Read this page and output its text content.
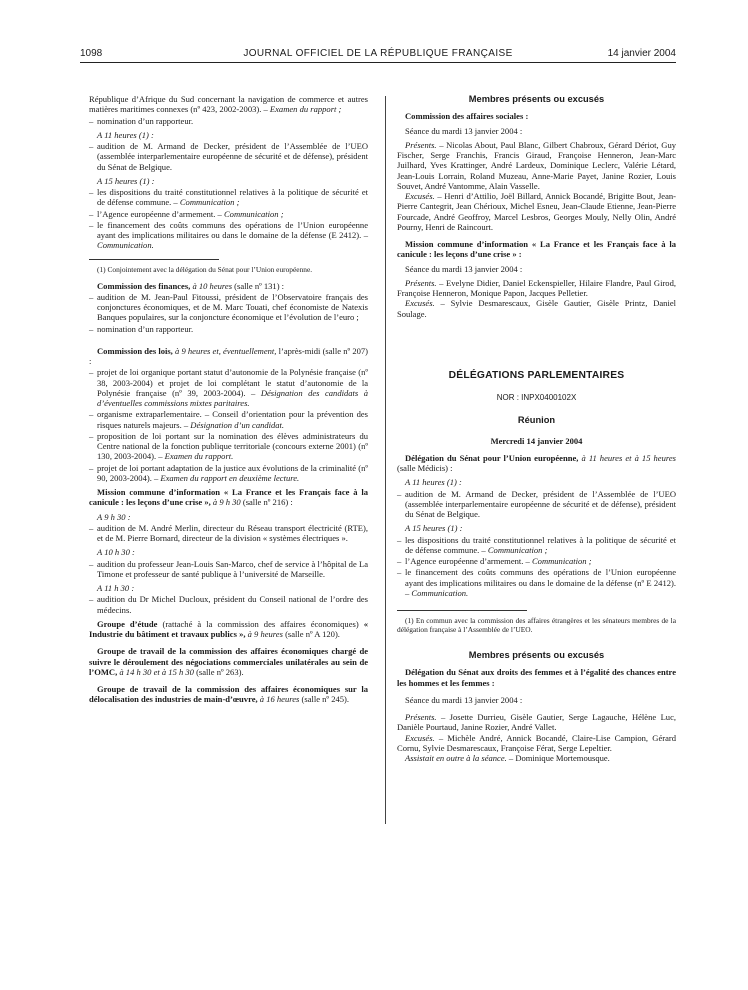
1098	JOURNAL OFFICIEL DE LA RÉPUBLIQUE FRANÇAISE	14 janvier 2004

République d’Afrique du Sud concernant la navigation de commerce et autres matières maritimes connexes (nº 423, 2002-2003). – Examen du rapport ;

– nomination d’un rapporteur.

A 11 heures (1) :

– audition de M. Armand de Decker, président de l’Assemblée de l’UEO (assemblée interparlementaire européenne de sécurité et de défense), président du Sénat de Belgique.

A 15 heures (1) :

– les dispositions du traité constitutionnel relatives à la politique de sécurité et de défense commune. – Communication ;

– l’Agence européenne d’armement. – Communication ;

– le financement des coûts communs des opérations de l’Union européenne ayant des implications militaires ou dans le domaine de la défense (E 2412). – Communication.

(1) Conjointement avec la délégation du Sénat pour l’Union européenne.

Commission des finances, à 10 heures (salle nº 131) :

– audition de M. Jean-Paul Fitoussi, président de l’Observatoire français des conjonctures économiques, et de M. Marc Touati, chef économiste de Natexis Banques populaires, sur la conjoncture économique et l’évolution de l’euro ;

– nomination d’un rapporteur.

Commission des lois, à 9 heures et, éventuellement, l’après-midi (salle nº 207) :

– projet de loi organique portant statut d’autonomie de la Polynésie française (nº 38, 2003-2004) et projet de loi complétant le statut d’autonomie de la Polynésie française (nº 39, 2003-2004). – Désignation des candidats à d’éventuelles commissions mixtes paritaires.

– organisme extraparlementaire. – Conseil d’orientation pour la prévention des risques naturels majeurs. – Désignation d’un candidat.

– proposition de loi portant sur la nomination des élèves administrateurs du Centre national de la fonction publique territoriale (concours externe 2001) (nº 130, 2003-2004). – Examen du rapport.

– projet de loi portant adaptation de la justice aux évolutions de la criminalité (nº 90, 2003-2004). – Examen du rapport en deuxième lecture.

Mission commune d’information « La France et les Français face à la canicule : les leçons d’une crise », à 9 h 30 (salle nº 216) :

A 9 h 30 :

– audition de M. André Merlin, directeur du Réseau transport électricité (RTE), et de M. Pierre Bornard, directeur de la division « systèmes électriques ».

A 10 h 30 :

– audition du professeur Jean-Louis San-Marco, chef de service à l’hôpital de La Timone et professeur de santé publique à l’université de Marseille.

A 11 h 30 :

– audition du Dr Michel Ducloux, président du Conseil national de l’ordre des médecins.

Groupe d’étude (rattaché à la commission des affaires économiques) « Industrie du bâtiment et travaux publics », à 9 heures (salle nº A 120).

Groupe de travail de la commission des affaires économiques chargé de suivre le déroulement des négociations commerciales unilatérales au sein de l’OMC, à 14 h 30 et à 15 h 30 (salle nº 263).

Groupe de travail de la commission des affaires économiques sur la délocalisation des industries de main-d’œuvre, à 16 heures (salle nº 245).

Membres présents ou excusés

Commission des affaires sociales :

Séance du mardi 13 janvier 2004 :

Présents. – Nicolas About, Paul Blanc, Gilbert Chabroux, Gérard Dériot, Guy Fischer, Serge Franchis, Francis Giraud, Françoise Henneron, Jean-Marc Juilhard, Yves Krattinger, André Lardeux, Dominique Leclerc, Valérie Létard, Jean-Louis Lorrain, Roland Muzeau, Anne-Marie Payet, Janine Rozier, Louis Souvet, André Vantomme, Alain Vasselle.

Excusés. – Henri d’Attilio, Joël Billard, Annick Bocandé, Brigitte Bout, Jean-Pierre Cantegrit, Jean Chérioux, Michel Esneu, Jean-Claude Etienne, Jean-Pierre Fourcade, André Geoffroy, Marcel Lesbros, Georges Mouly, Nelly Olin, André Pourny, Henri de Raincourt.

Mission commune d’information « La France et les Français face à la canicule : les leçons d’une crise » :

Séance du mardi 13 janvier 2004 :

Présents. – Evelyne Didier, Daniel Eckenspieller, Hilaire Flandre, Paul Girod, Françoise Henneron, Monique Papon, Jacques Pelletier.

Excusés. – Sylvie Desmarescaux, Gisèle Gautier, Gisèle Printz, Daniel Soulage.

DÉLÉGATIONS PARLEMENTAIRES

NOR : INPX0400102X

Réunion

Mercredi 14 janvier 2004

Délégation du Sénat pour l’Union européenne, à 11 heures et à 15 heures (salle Médicis) :

A 11 heures (1) :

– audition de M. Armand de Decker, président de l’Assemblée de l’UEO (assemblée interparlementaire européenne de sécurité et de défense), président du Sénat de Belgique.

A 15 heures (1) :

– les dispositions du traité constitutionnel relatives à la politique de sécurité et de défense commune. – Communication ;

– l’Agence européenne d’armement. – Communication ;

– le financement des coûts communs des opérations de l’Union européenne ayant des implications militaires ou dans le domaine de la défense (nº E 2412). – Communication.

(1) En commun avec la commission des affaires étrangères et les sénateurs membres de la délégation française à l’Assemblée de l’UEO.

Membres présents ou excusés

Délégation du Sénat aux droits des femmes et à l’égalité des chances entre les hommes et les femmes :

Séance du mardi 13 janvier 2004 :

Présents. – Josette Durrieu, Gisèle Gautier, Serge Lagauche, Hélène Luc, Danièle Pourtaud, Janine Rozier, André Vallet.

Excusés. – Michèle André, Annick Bocandé, Claire-Lise Campion, Gérard Cornu, Sylvie Desmarescaux, Françoise Férat, Serge Lepeltier.

Assistait en outre à la séance. – Dominique Mortemousque.
